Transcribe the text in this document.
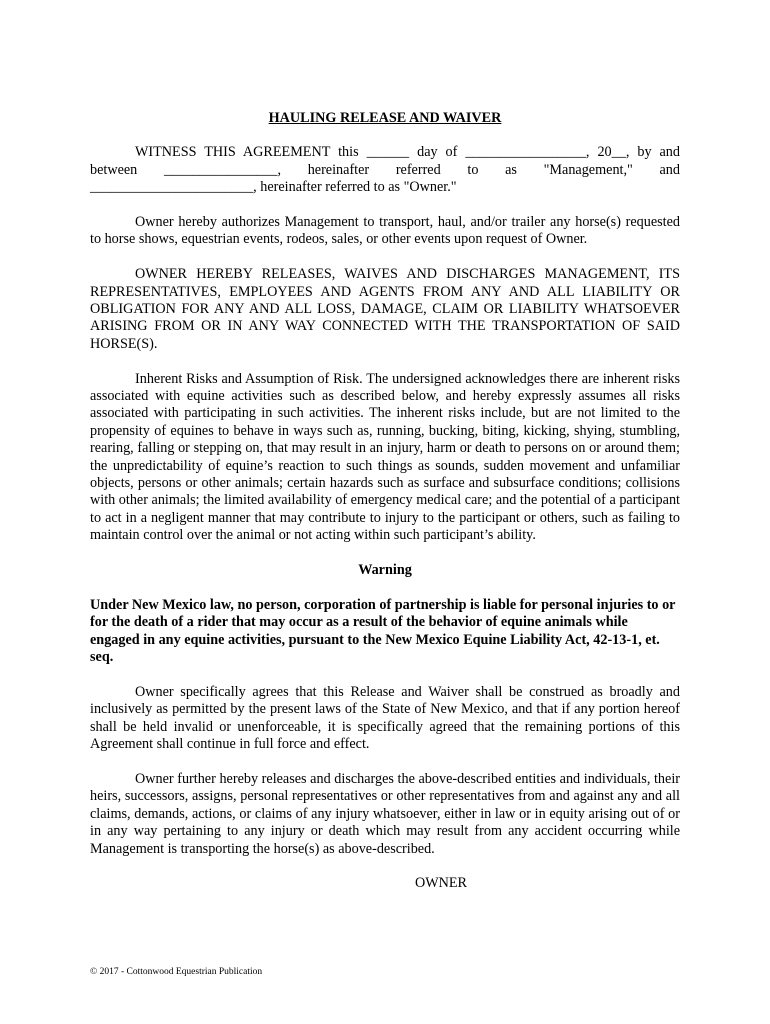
HAULING RELEASE AND WAIVER

WITNESS THIS AGREEMENT this ______ day of _________________, 20__, by and between ________________, hereinafter referred to as "Management," and _______________________, hereinafter referred to as "Owner."

Owner hereby authorizes Management to transport, haul, and/or trailer any horse(s) requested to horse shows, equestrian events, rodeos, sales, or other events upon request of Owner.

OWNER HEREBY RELEASES, WAIVES AND DISCHARGES MANAGEMENT, ITS REPRESENTATIVES, EMPLOYEES AND AGENTS FROM ANY AND ALL LIABILITY OR OBLIGATION FOR ANY AND ALL LOSS, DAMAGE, CLAIM OR LIABILITY WHATSOEVER ARISING FROM OR IN ANY WAY CONNECTED WITH THE TRANSPORTATION OF SAID HORSE(S).

Inherent Risks and Assumption of Risk. The undersigned acknowledges there are inherent risks associated with equine activities such as described below, and hereby expressly assumes all risks associated with participating in such activities. The inherent risks include, but are not limited to the propensity of equines to behave in ways such as, running, bucking, biting, kicking, shying, stumbling, rearing, falling or stepping on, that may result in an injury, harm or death to persons on or around them; the unpredictability of equine’s reaction to such things as sounds, sudden movement and unfamiliar objects, persons or other animals; certain hazards such as surface and subsurface conditions; collisions with other animals; the limited availability of emergency medical care; and the potential of a participant to act in a negligent manner that may contribute to injury to the participant or others, such as failing to maintain control over the animal or not acting within such participant’s ability.

Warning
Under New Mexico law, no person, corporation of partnership is liable for personal injuries to or for the death of a rider that may occur as a result of the behavior of equine animals while engaged in any equine activities, pursuant to the New Mexico Equine Liability Act, 42-13-1, et. seq.

Owner specifically agrees that this Release and Waiver shall be construed as broadly and inclusively as permitted by the present laws of the State of New Mexico, and that if any portion hereof shall be held invalid or unenforceable, it is specifically agreed that the remaining portions of this Agreement shall continue in full force and effect.

Owner further hereby releases and discharges the above-described entities and individuals, their heirs, successors, assigns, personal representatives or other representatives from and against any and all claims, demands, actions, or claims of any injury whatsoever, either in law or in equity arising out of or in any way pertaining to any injury or death which may result from any accident occurring while Management is transporting the horse(s) as above-described.

OWNER
© 2017 - Cottonwood Equestrian Publication
